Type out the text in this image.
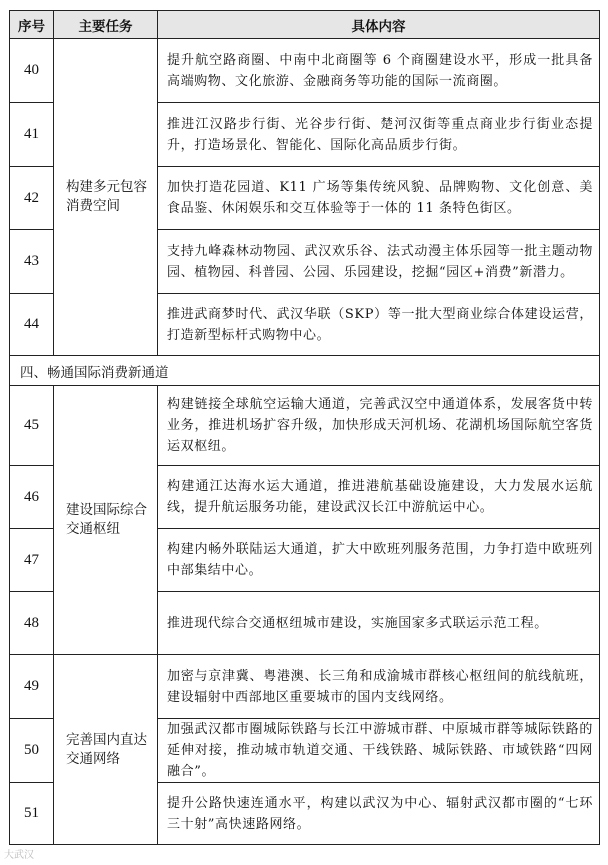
序号	主要任务	具体内容
40	构建多元包容消费空间	提升航空路商圈、中南中北商圈等 6 个商圈建设水平，形成一批具备高端购物、文化旅游、金融商务等功能的国际一流商圈。
41		推进江汉路步行街、光谷步行街、楚河汉街等重点商业步行街业态提升，打造场景化、智能化、国际化高品质步行街。
42		加快打造花园道、K11 广场等集传统风貌、品牌购物、文化创意、美食品鉴、休闲娱乐和交互体验等于一体的 11 条特色街区。
43		支持九峰森林动物园、武汉欢乐谷、法式动漫主体乐园等一批主题动物园、植物园、科普园、公园、乐园建设，挖掘“园区+消费”新潜力。
44		推进武商梦时代、武汉华联（SKP）等一批大型商业综合体建设运营，打造新型标杆式购物中心。
四、畅通国际消费新通道		
45	建设国际综合交通枢纽	构建链接全球航空运输大通道，完善武汉空中通道体系，发展客货中转业务，推进机场扩容升级，加快形成天河机场、花湖机场国际航空客货运双枢纽。
46		构建通江达海水运大通道，推进港航基础设施建设，大力发展水运航线，提升航运服务功能，建设武汉长江中游航运中心。
47		构建内畅外联陆运大通道，扩大中欧班列服务范围，力争打造中欧班列中部集结中心。
48		推进现代综合交通枢纽城市建设，实施国家多式联运示范工程。
49	完善国内直达交通网络	加密与京津冀、粤港澳、长三角和成渝城市群核心枢纽间的航线航班，建设辐射中西部地区重要城市的国内支线网络。
50		加强武汉都市圈城际铁路与长江中游城市群、中原城市群等城际铁路的延伸对接，推动城市轨道交通、干线铁路、城际铁路、市域铁路“四网融合”。
51		提升公路快速连通水平，构建以武汉为中心、辐射武汉都市圈的“七环三十射”高快速路网络。
大武汉
